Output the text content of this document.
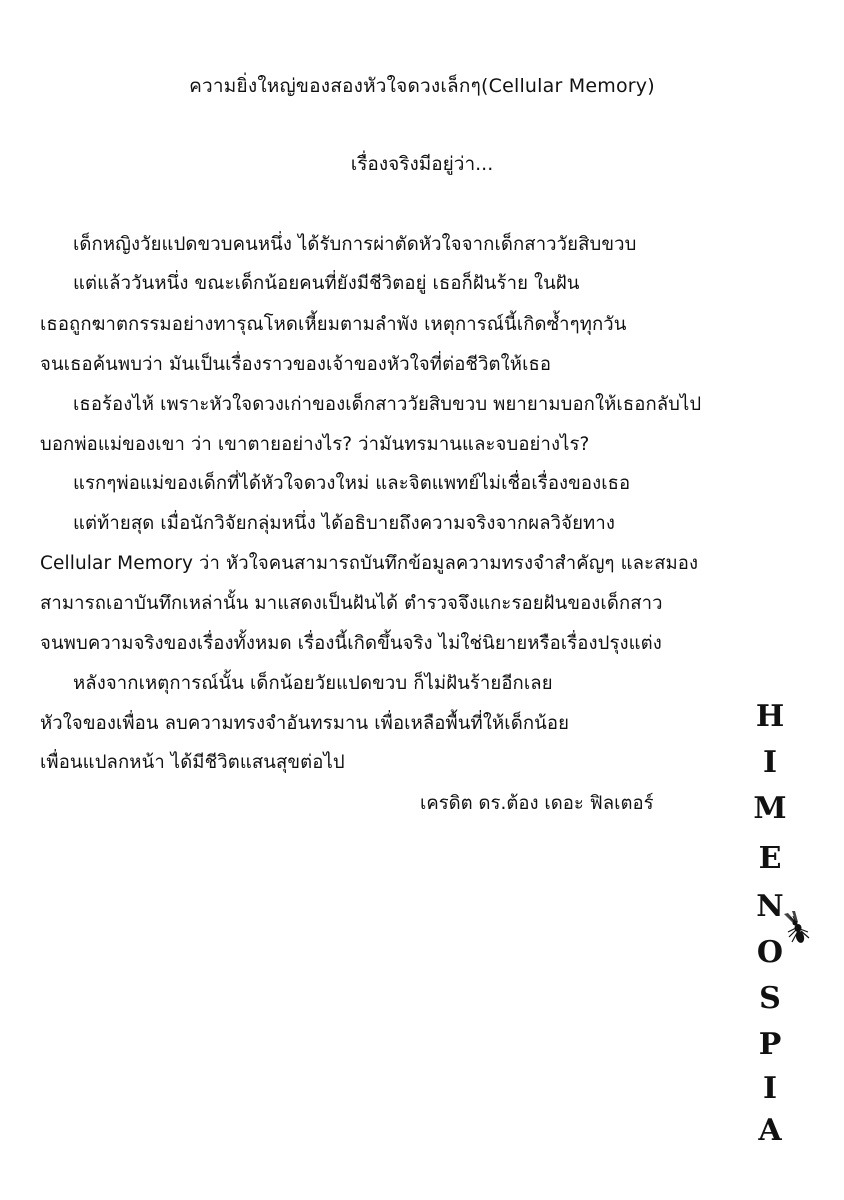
ความยิ่งใหญ่ของสองหัวใจดวงเล็กๆ(Cellular Memory)
เรื่องจริงมีอยู่ว่า...
เด็กหญิงวัยแปดขวบคนหนึ่ง ได้รับการผ่าตัดหัวใจจากเด็กสาววัยสิบขวบ
แต่แล้ววันหนึ่ง ขณะเด็กน้อยคนที่ยังมีชีวิตอยู่ เธอก็ฝันร้าย ในฝัน
เธอถูกฆาตกรรมอย่างทารุณโหดเหี้ยมตามลำพัง เหตุการณ์นี้เกิดซ้ำๆทุกวัน
จนเธอค้นพบว่า มันเป็นเรื่องราวของเจ้าของหัวใจที่ต่อชีวิตให้เธอ
เธอร้องไห้ เพราะหัวใจดวงเก่าของเด็กสาววัยสิบขวบ พยายามบอกให้เธอกลับไป
บอกพ่อแม่ของเขา ว่า เขาตายอย่างไร? ว่ามันทรมานและจบอย่างไร?
แรกๆพ่อแม่ของเด็กที่ได้หัวใจดวงใหม่ และจิตแพทย์ไม่เชื่อเรื่องของเธอ
แต่ท้ายสุด เมื่อนักวิจัยกลุ่มหนึ่ง ได้อธิบายถึงความจริงจากผลวิจัยทาง
Cellular Memory ว่า หัวใจคนสามารถบันทึกข้อมูลความทรงจำสำคัญๆ และสมอง
สามารถเอาบันทึกเหล่านั้น มาแสดงเป็นฝันได้ ตำรวจจึงแกะรอยฝันของเด็กสาว
จนพบความจริงของเรื่องทั้งหมด เรื่องนี้เกิดขึ้นจริง ไม่ใช่นิยายหรือเรื่องปรุงแต่ง
หลังจากเหตุการณ์นั้น เด็กน้อยวัยแปดขวบ ก็ไม่ฝันร้ายอีกเลย
หัวใจของเพื่อน ลบความทรงจำอันทรมาน เพื่อเหลือพื้นที่ให้เด็กน้อย
เพื่อนแปลกหน้า ได้มีชีวิตแสนสุขต่อไป
เครดิต ดร.ต้อง เดอะ ฟิลเตอร์
H
I
M
E
N
O
S
P
I
A
